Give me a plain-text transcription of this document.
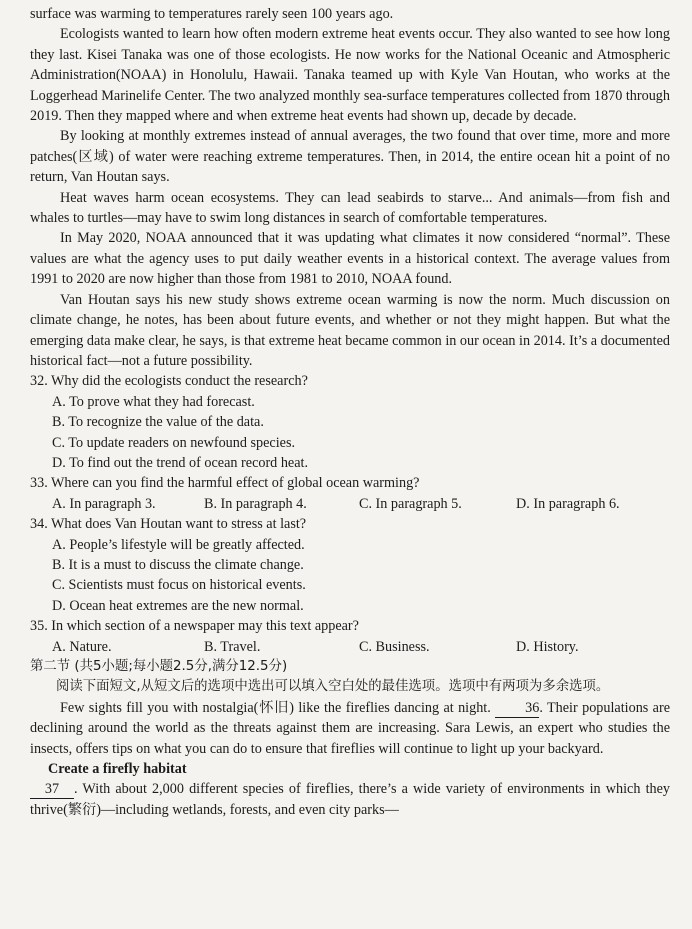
surface was warming to temperatures rarely seen 100 years ago.

Ecologists wanted to learn how often modern extreme heat events occur. They also wanted to see how long they last. Kisei Tanaka was one of those ecologists. He now works for the National Oceanic and Atmospheric Administration(NOAA) in Honolulu, Hawaii. Tanaka teamed up with Kyle Van Houtan, who works at the Loggerhead Marinelife Center. The two analyzed monthly sea-surface temperatures collected from 1870 through 2019. Then they mapped where and when extreme heat events had shown up, decade by decade.

By looking at monthly extremes instead of annual averages, the two found that over time, more and more patches(区域) of water were reaching extreme temperatures. Then, in 2014, the entire ocean hit a point of no return, Van Houtan says.

Heat waves harm ocean ecosystems. They can lead seabirds to starve... And animals—from fish and whales to turtles—may have to swim long distances in search of comfortable temperatures.

In May 2020, NOAA announced that it was updating what climates it now considered “normal”. These values are what the agency uses to put daily weather events in a historical context. The average values from 1991 to 2020 are now higher than those from 1981 to 2010, NOAA found.

Van Houtan says his new study shows extreme ocean warming is now the norm. Much discussion on climate change, he notes, has been about future events, and whether or not they might happen. But what the emerging data make clear, he says, is that extreme heat became common in our ocean in 2014. It’s a documented historical fact—not a future possibility.

32. Why did the ecologists conduct the research?

A. To prove what they had forecast.

B. To recognize the value of the data.

C. To update readers on newfound species.

D. To find out the trend of ocean record heat.

33. Where can you find the harmful effect of global ocean warming?

A. In paragraph 3.	B. In paragraph 4.	C. In paragraph 5.	D. In paragraph 6.

34. What does Van Houtan want to stress at last?

A. People’s lifestyle will be greatly affected.

B. It is a must to discuss the climate change.

C. Scientists must focus on historical events.

D. Ocean heat extremes are the new normal.

35. In which section of a newspaper may this text appear?

A. Nature.	B. Travel.	C. Business.	D. History.

第二节 (共5小题;每小题2.5分,满分12.5分)

阅读下面短文,从短文后的选项中选出可以填入空白处的最佳选项。选项中有两项为多余选项。

Few sights fill you with nostalgia(怀旧) like the fireflies dancing at night. 36. Their populations are declining around the world as the threats against them are increasing. Sara Lewis, an expert who studies the insects, offers tips on what you can do to ensure that fireflies will continue to light up your backyard.

Create a firefly habitat

37 . With about 2,000 different species of fireflies, there’s a wide variety of environments in which they thrive(繁衍)—including wetlands, forests, and even city parks—
